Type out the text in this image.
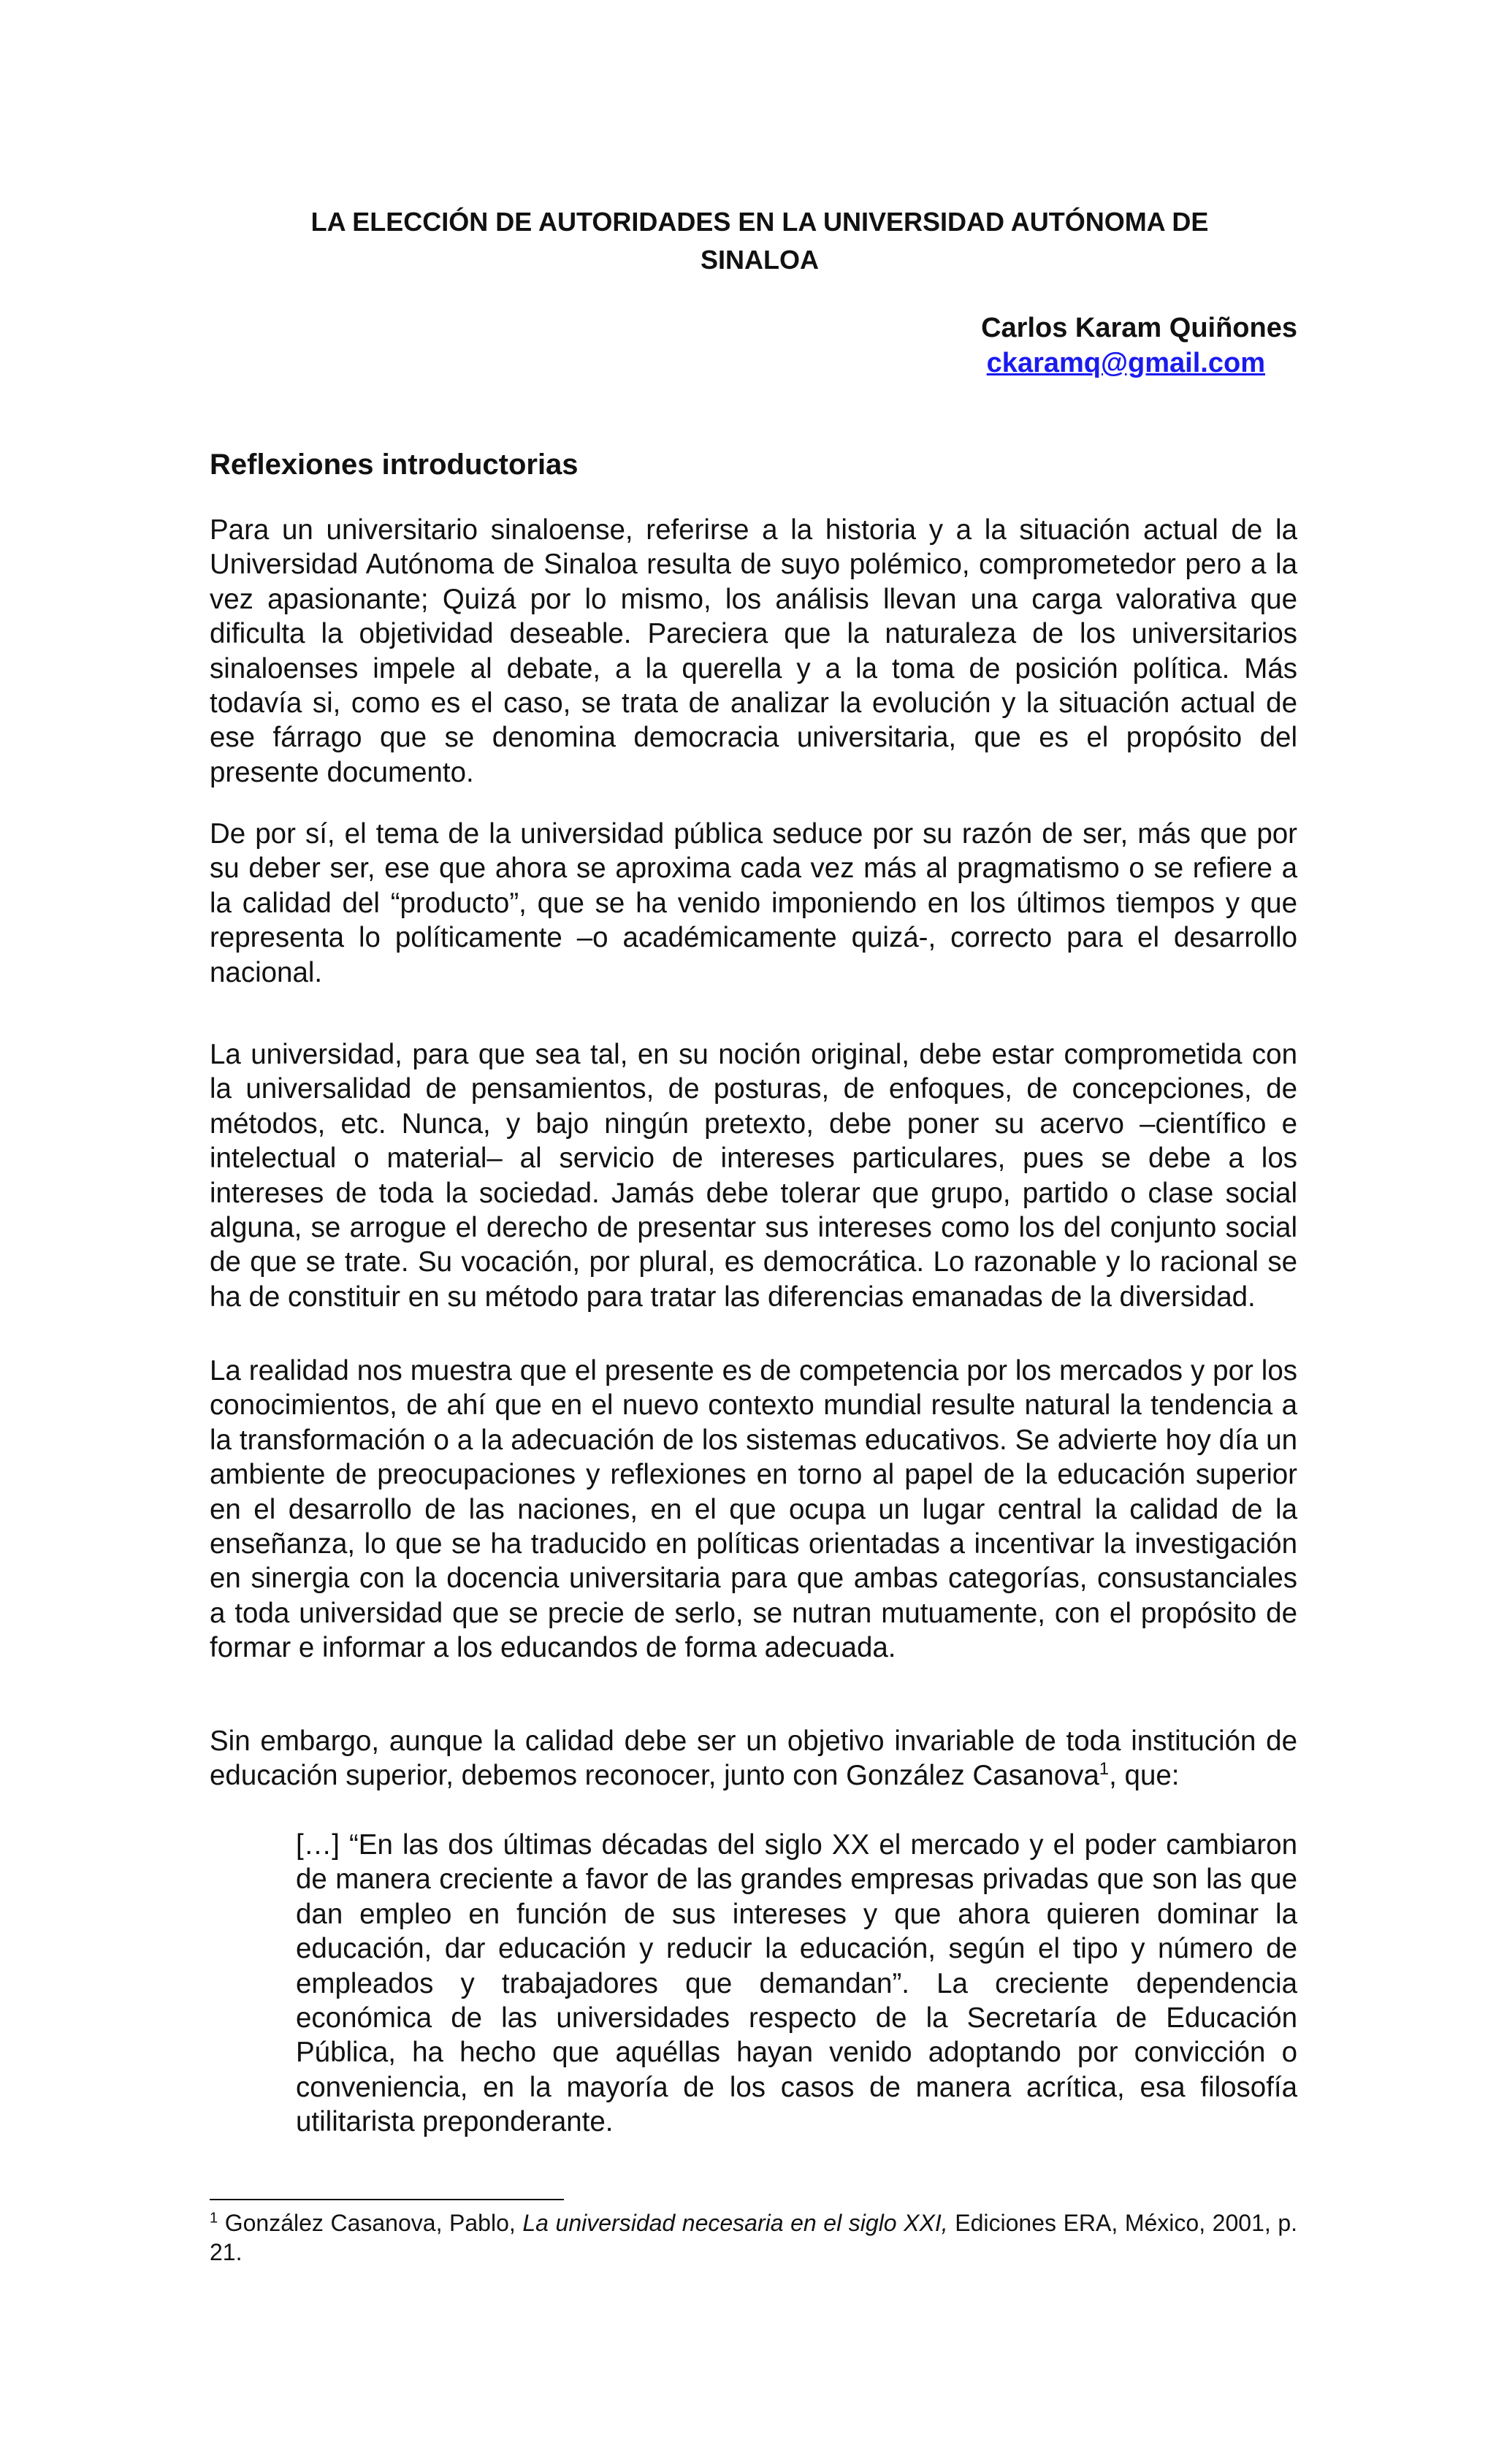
LA ELECCIÓN DE AUTORIDADES EN LA UNIVERSIDAD AUTÓNOMA DE
SINALOA
Carlos Karam Quiñones
ckaramq@gmail.com
Reflexiones introductorias

Para un universitario sinaloense, referirse a la historia y a la situación actual de la Universidad Autónoma de Sinaloa resulta de suyo polémico, comprometedor pero a la vez apasionante; Quizá por lo mismo, los análisis llevan una carga valorativa que dificulta la objetividad deseable. Pareciera que la naturaleza de los universitarios sinaloenses impele al debate, a la querella y a la toma de posición política. Más todavía si, como es el caso, se trata de analizar la evolución y la situación actual de ese fárrago que se denomina democracia universitaria, que es el propósito del presente documento.

De por sí, el tema de la universidad pública seduce por su razón de ser, más que por su deber ser, ese que ahora se aproxima cada vez más al pragmatismo o se refiere a la calidad del “producto”, que se ha venido imponiendo en los últimos tiempos y que representa lo políticamente –o académicamente quizá-, correcto para el desarrollo nacional.

La universidad, para que sea tal, en su noción original, debe estar comprometida con la universalidad de pensamientos, de posturas, de enfoques, de concepciones, de métodos, etc. Nunca, y bajo ningún pretexto, debe poner su acervo –científico e intelectual o material– al servicio de intereses particulares, pues se debe a los intereses de toda la sociedad. Jamás debe tolerar que grupo, partido o clase social alguna, se arrogue el derecho de presentar sus intereses como los del conjunto social de que se trate. Su vocación, por plural, es democrática. Lo razonable y lo racional se ha de constituir en su método para tratar las diferencias emanadas de la diversidad.

La realidad nos muestra que el presente es de competencia por los mercados y por los conocimientos, de ahí que en el nuevo contexto mundial resulte natural la tendencia a la transformación o a la adecuación de los sistemas educativos. Se advierte hoy día un ambiente de preocupaciones y reflexiones en torno al papel de la educación superior en el desarrollo de las naciones, en el que ocupa un lugar central la calidad de la enseñanza, lo que se ha traducido en políticas orientadas a incentivar la investigación en sinergia con la docencia universitaria para que ambas categorías, consustanciales a toda universidad que se precie de serlo, se nutran mutuamente, con el propósito de formar e informar a los educandos de forma adecuada.

Sin embargo, aunque la calidad debe ser un objetivo invariable de toda institución de educación superior, debemos reconocer, junto con González Casanova$^1$, que:

[…] “En las dos últimas décadas del siglo XX el mercado y el poder cambiaron de manera creciente a favor de las grandes empresas privadas que son las que dan empleo en función de sus intereses y que ahora quieren dominar la educación, dar educación y reducir la educación, según el tipo y número de empleados y trabajadores que demandan”. La creciente dependencia económica de las universidades respecto de la Secretaría de Educación Pública, ha hecho que aquéllas hayan venido adoptando por convicción o conveniencia, en la mayoría de los casos de manera acrítica, esa filosofía utilitarista preponderante.

$^1$ González Casanova, Pablo, La universidad necesaria en el siglo XXI, Ediciones ERA, México, 2001, p. 21.
